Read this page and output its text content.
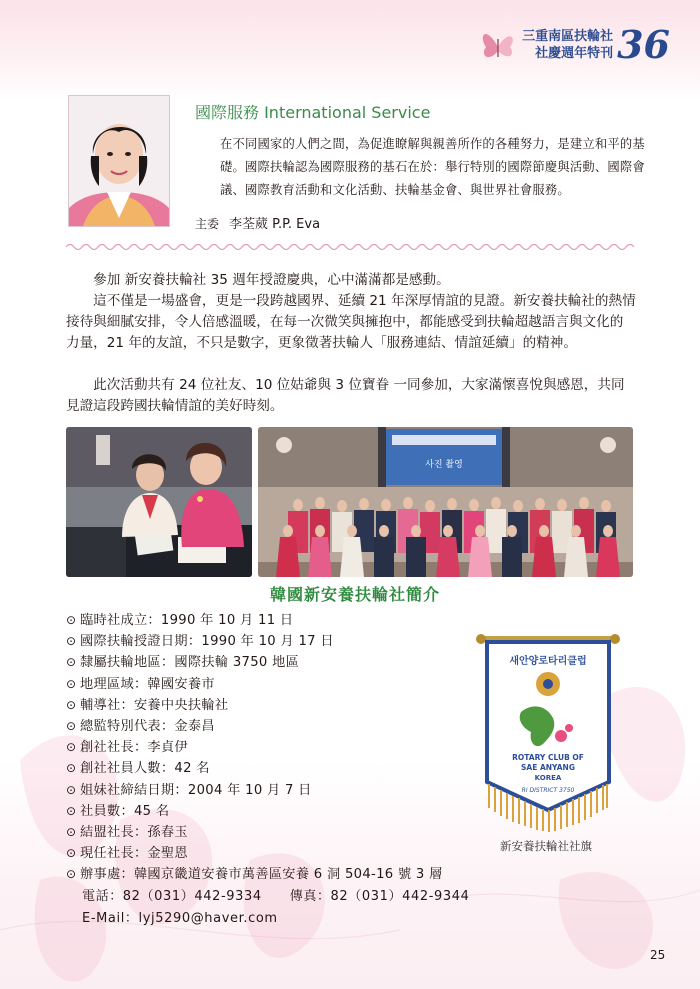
三重南區扶輪社
社慶週年特刊 36
國際服務 International Service
在不同國家的人們之間，為促進瞭解與親善所作的各種努力，是建立和平的基礎。國際扶輪認為國際服務的基石在於：舉行特別的國際節慶與活動、國際會議、國際教育活動和文化活動、扶輪基金會、與世界社會服務。
主委 李荃葳 P.P. Eva
　　參加 新安養扶輪社 35 週年授證慶典，心中滿滿都是感動。
　　這不僅是一場盛會，更是一段跨越國界、延續 21 年深厚情誼的見證。新安養扶輪社的熱情接待與細膩安排，令人倍感溫暖，在每一次微笑與擁抱中，都能感受到扶輪超越語言與文化的力量，21 年的友誼，不只是數字，更象徵著扶輪人「服務連結、情誼延續」的精神。
　　此次活動共有 24 位社友、10 位姑爺與 3 位寶眷 一同參加，大家滿懷喜悅與感恩，共同見證這段跨國扶輪情誼的美好時刻。
사진 촬영
韓國新安養扶輪社簡介
⊙ 臨時社成立：1990 年 10 月 11 日
⊙ 國際扶輪授證日期：1990 年 10 月 17 日
⊙ 隸屬扶輪地區：國際扶輪 3750 地區
⊙ 地理區域：韓國安養市
⊙ 輔導社：安養中央扶輪社
⊙ 總監特別代表：金泰昌
⊙ 創社社長：李貞伊
⊙ 創社社員人數：42 名
⊙ 姐妹社締結日期：2004 年 10 月 7 日
⊙ 社員數：45 名
⊙ 結盟社長：孫春玉
⊙ 現任社長：金聖恩
⊙ 辦事處：韓國京畿道安養市萬善區安養 6 洞 504-16 號 3 層
電話：82（031）442-9334 傳真：82（031）442-9344
E-Mail：lyj5290@haver.com
새안양로타리클럽
ROTARY CLUB OF
SAE ANYANG
KOREA
RI DISTRICT 3750
新安養扶輪社社旗
25
